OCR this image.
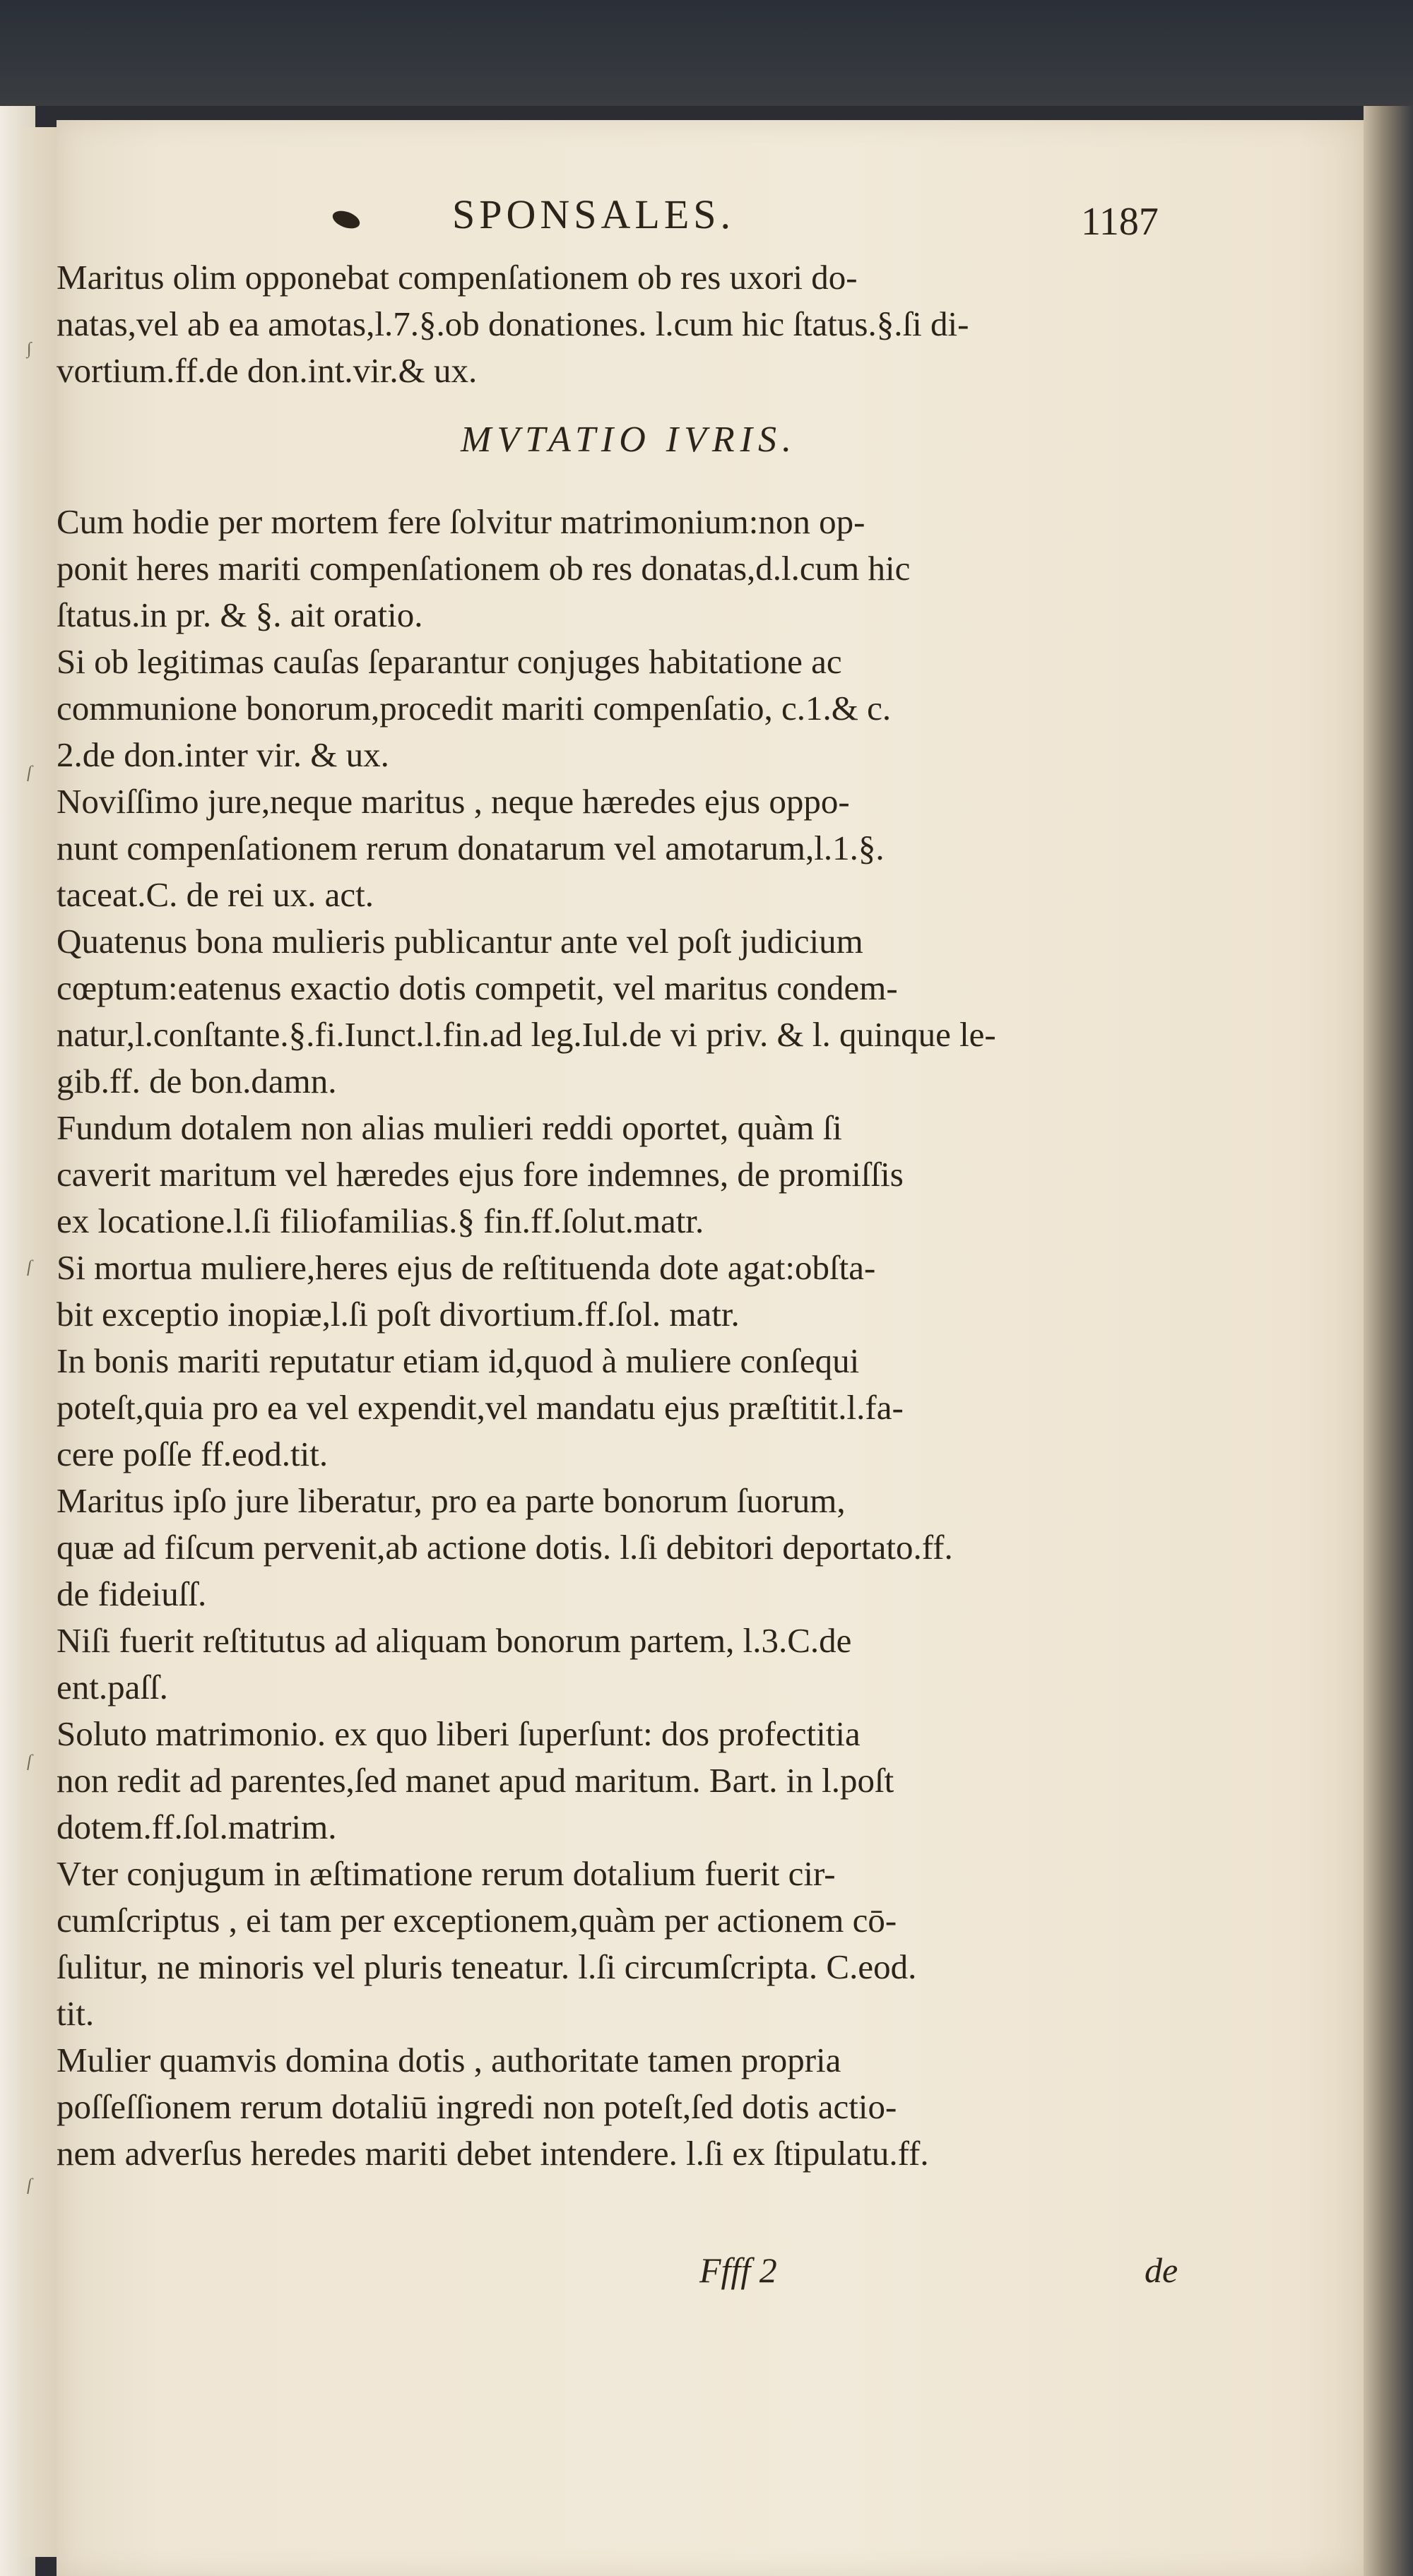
∫
ſ
ſ
ſ
ſ
SPONSALES.	1187
Maritus olim opponebat compenſationem ob res uxori do-
natas,vel ab ea amotas,l.7.§.ob donationes. l.cum hic ſtatus.§.ſi di-
vortium.ff.de don.int.vir.& ux.
MVTATIO IVRIS.
Cum hodie per mortem fere ſolvitur matrimonium:non op-
ponit heres mariti compenſationem ob res donatas,d.l.cum hic
ſtatus.in pr. & §. ait oratio.
Si ob legitimas cauſas ſeparantur conjuges habitatione ac
communione bonorum,procedit mariti compenſatio, c.1.& c.
2.de don.inter vir. & ux.
Noviſſimo jure,neque maritus , neque hæredes ejus oppo-
nunt compenſationem rerum donatarum vel amotarum,l.1.§.
taceat.C. de rei ux. act.
Quatenus bona mulieris publicantur ante vel poſt judicium
cœptum:eatenus exactio dotis competit, vel maritus condem-
natur,l.conſtante.§.fi.Iunct.l.fin.ad leg.Iul.de vi priv. & l. quinque le-
gib.ff. de bon.damn.
Fundum dotalem non alias mulieri reddi oportet, quàm ſi
caverit maritum vel hæredes ejus fore indemnes, de promiſſis
ex locatione.l.ſi filiofamilias.§ fin.ff.ſolut.matr.
Si mortua muliere,heres ejus de reſtituenda dote agat:obſta-
bit exceptio inopiæ,l.ſi poſt divortium.ff.ſol. matr.
In bonis mariti reputatur etiam id,quod à muliere conſequi
poteſt,quia pro ea vel expendit,vel mandatu ejus præſtitit.l.fa-
cere poſſe ff.eod.tit.
Maritus ipſo jure liberatur, pro ea parte bonorum ſuorum,
quæ ad fiſcum pervenit,ab actione dotis. l.ſi debitori deportato.ff.
de fideiuſſ.
Niſi fuerit reſtitutus ad aliquam bonorum partem, l.3.C.de
ent.paſſ.
Soluto matrimonio. ex quo liberi ſuperſunt: dos profectitia
non redit ad parentes,ſed manet apud maritum. Bart. in l.poſt
dotem.ff.ſol.matrim.
Vter conjugum in æſtimatione rerum dotalium fuerit cir-
cumſcriptus , ei tam per exceptionem,quàm per actionem cō-
ſulitur, ne minoris vel pluris teneatur. l.ſi circumſcripta. C.eod.
tit.
Mulier quamvis domina dotis , authoritate tamen propria
poſſeſſionem rerum dotaliū ingredi non poteſt,ſed dotis actio-
nem adverſus heredes mariti debet intendere. l.ſi ex ſtipulatu.ff.
Ffff 2	de
